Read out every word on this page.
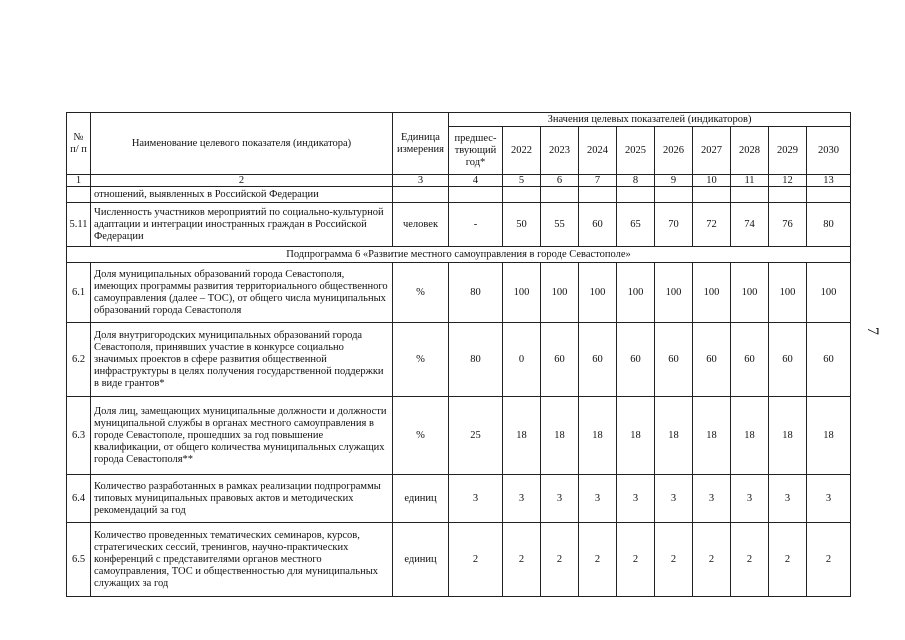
7
№ п/ п	Наименование целевого показателя (индикатора)	Единица измерения	Значения целевых показателей (индикаторов)									
			предшес-твующий год*	2022	2023	2024	2025	2026	2027	2028	2029	2030
1	2	3	4	5	6	7	8	9	10	11	12	13
	отношений, выявленных в Российской Федерации											
5.11	Численность участников мероприятий по социально-культурной адаптации и интеграции иностранных граждан в Российской Федерации	человек	-	50	55	60	65	70	72	74	76	80
Подпрограмма 6 «Развитие местного самоуправления в городе Севастополе»												
6.1	Доля муниципальных образований города Севастополя, имеющих программы развития территориального общественного самоуправления (далее – ТОС), от общего числа муниципальных образований города Севастополя	%	80	100	100	100	100	100	100	100	100	100
6.2	Доля внутригородских муниципальных образований города Севастополя, принявших участие в конкурсе социально значимых проектов в сфере развития общественной инфраструктуры в целях получения государственной поддержки в виде грантов*	%	80	0	60	60	60	60	60	60	60	60
6.3	Доля лиц, замещающих муниципальные должности и должности муниципальной службы в органах местного самоуправления в городе Севастополе, прошедших за год повышение квалификации, от общего количества муниципальных служащих города Севастополя**	%	25	18	18	18	18	18	18	18	18	18
6.4	Количество разработанных в рамках реализации подпрограммы типовых муниципальных правовых актов и методических рекомендаций за год	единиц	3	3	3	3	3	3	3	3	3	3
6.5	Количество проведенных тематических семинаров, курсов, стратегических сессий, тренингов, научно-практических конференций с представителями органов местного самоуправления, ТОС и общественностью для муниципальных служащих за год	единиц	2	2	2	2	2	2	2	2	2	2
